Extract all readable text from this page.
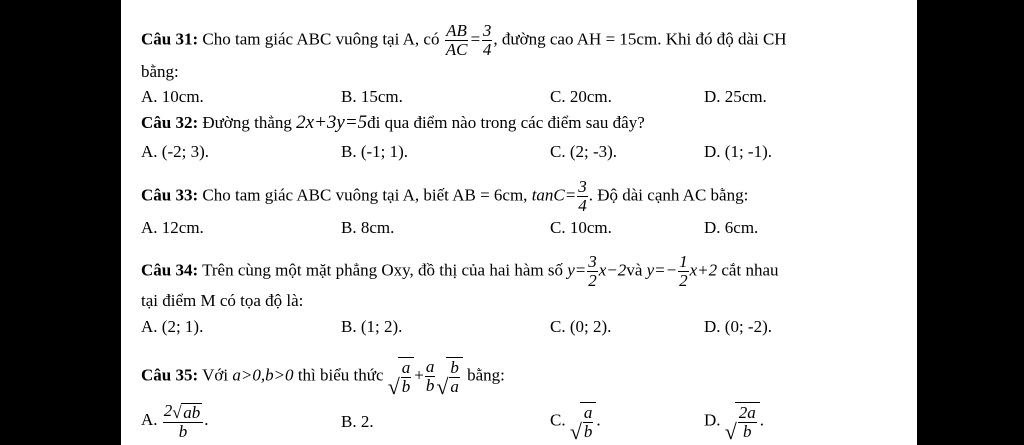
Câu 31: Cho tam giác ABC vuông tại A, có $\frac{AB}{AC} = \frac{3}{4}$ , đường cao AH = 15cm. Khi đó độ dài CH
bằng:
A. 10cm.	B. 15cm.	C. 20cm.	D. 25cm.
Câu 32: Đường thẳng 2x+3y=5đi qua điểm nào trong các điểm sau đây?
A. (-2; 3).	B. (-1; 1).	C. (2; -3).	D. (1; -1).
Câu 33: Cho tam giác ABC vuông tại A, biết AB = 6cm, $\tan C= \frac{3}{4}$ . Độ dài cạnh AC bằng:
A. 12cm.	B. 8cm.	C. 10cm.	D. 6cm.
Câu 34: Trên cùng một mặt phẳng Oxy, đồ thị của hai hàm số $y= \frac{3}{2}$ x−2và $y=- \frac{1}{2} x+2$ cắt nhau
tại điểm M có tọa độ là:
A. (2; 1).	B. (1; 2).	C. (0; 2).	D. (0; -2).
Câu 35: Với a>0,b>0 thì biểu thức √ $\frac{a}{b} + \frac{a}{b}$ √ $\frac{b}{a}$ bằng:
A. $\frac{2 √ ab}{b}$ .	B. 2.	C. √ $\frac{a}{b}$ .	D. √ $\frac{2a}{b}$ .
